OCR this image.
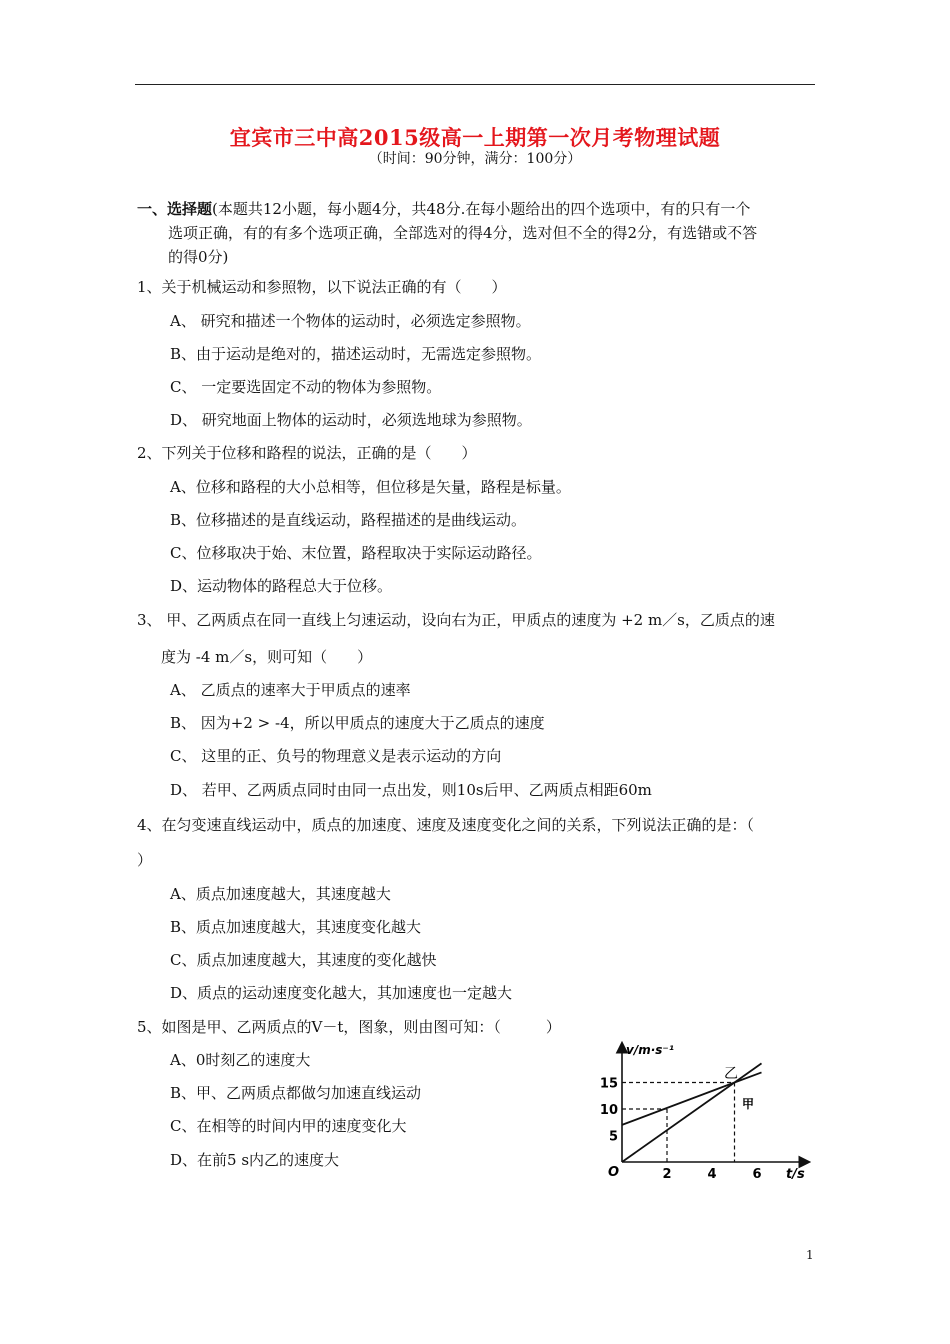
宜宾市三中高2015级高一上期第一次月考物理试题
（时间：90分钟，满分：100分）
一、选择题(本题共12小题，每小题4分，共48分.在每小题给出的四个选项中，有的只有一个
选项正确，有的有多个选项正确，全部选对的得4分，选对但不全的得2分，有选错或不答
的得0分)
1、关于机械运动和参照物，以下说法正确的有（　　）
A、 研究和描述一个物体的运动时，必须选定参照物。
B、由于运动是绝对的，描述运动时，无需选定参照物。
C、 一定要选固定不动的物体为参照物。
D、 研究地面上物体的运动时，必须选地球为参照物。
2、下列关于位移和路程的说法，正确的是（　　）
A、位移和路程的大小总相等，但位移是矢量，路程是标量。
B、位移描述的是直线运动，路程描述的是曲线运动。
C、位移取决于始、末位置，路程取决于实际运动路径。
D、运动物体的路程总大于位移。
3、 甲、乙两质点在同一直线上匀速运动，设向右为正，甲质点的速度为 +2 m／s，乙质点的速
度为 -4 m／s，则可知（　　）
A、 乙质点的速率大于甲质点的速率
B、 因为+2 > -4，所以甲质点的速度大于乙质点的速度
C、 这里的正、负号的物理意义是表示运动的方向
D、 若甲、乙两质点同时由同一点出发，则10s后甲、乙两质点相距60m
4、在匀变速直线运动中，质点的加速度、速度及速度变化之间的关系，下列说法正确的是：（
）
A、质点加速度越大，其速度越大
B、质点加速度越大，其速度变化越大
C、质点加速度越大，其速度的变化越快
D、质点的运动速度变化越大，其加速度也一定越大
5、如图是甲、乙两质点的V－t，图象，则由图可知：（　　　）
A、0时刻乙的速度大
B、甲、乙两质点都做匀加速直线运动
C、在相等的时间内甲的速度变化大
D、在前5 s内乙的速度大
15
10
5
2	4	6
v/m·s⁻¹
t/s
O
乙
甲
1
